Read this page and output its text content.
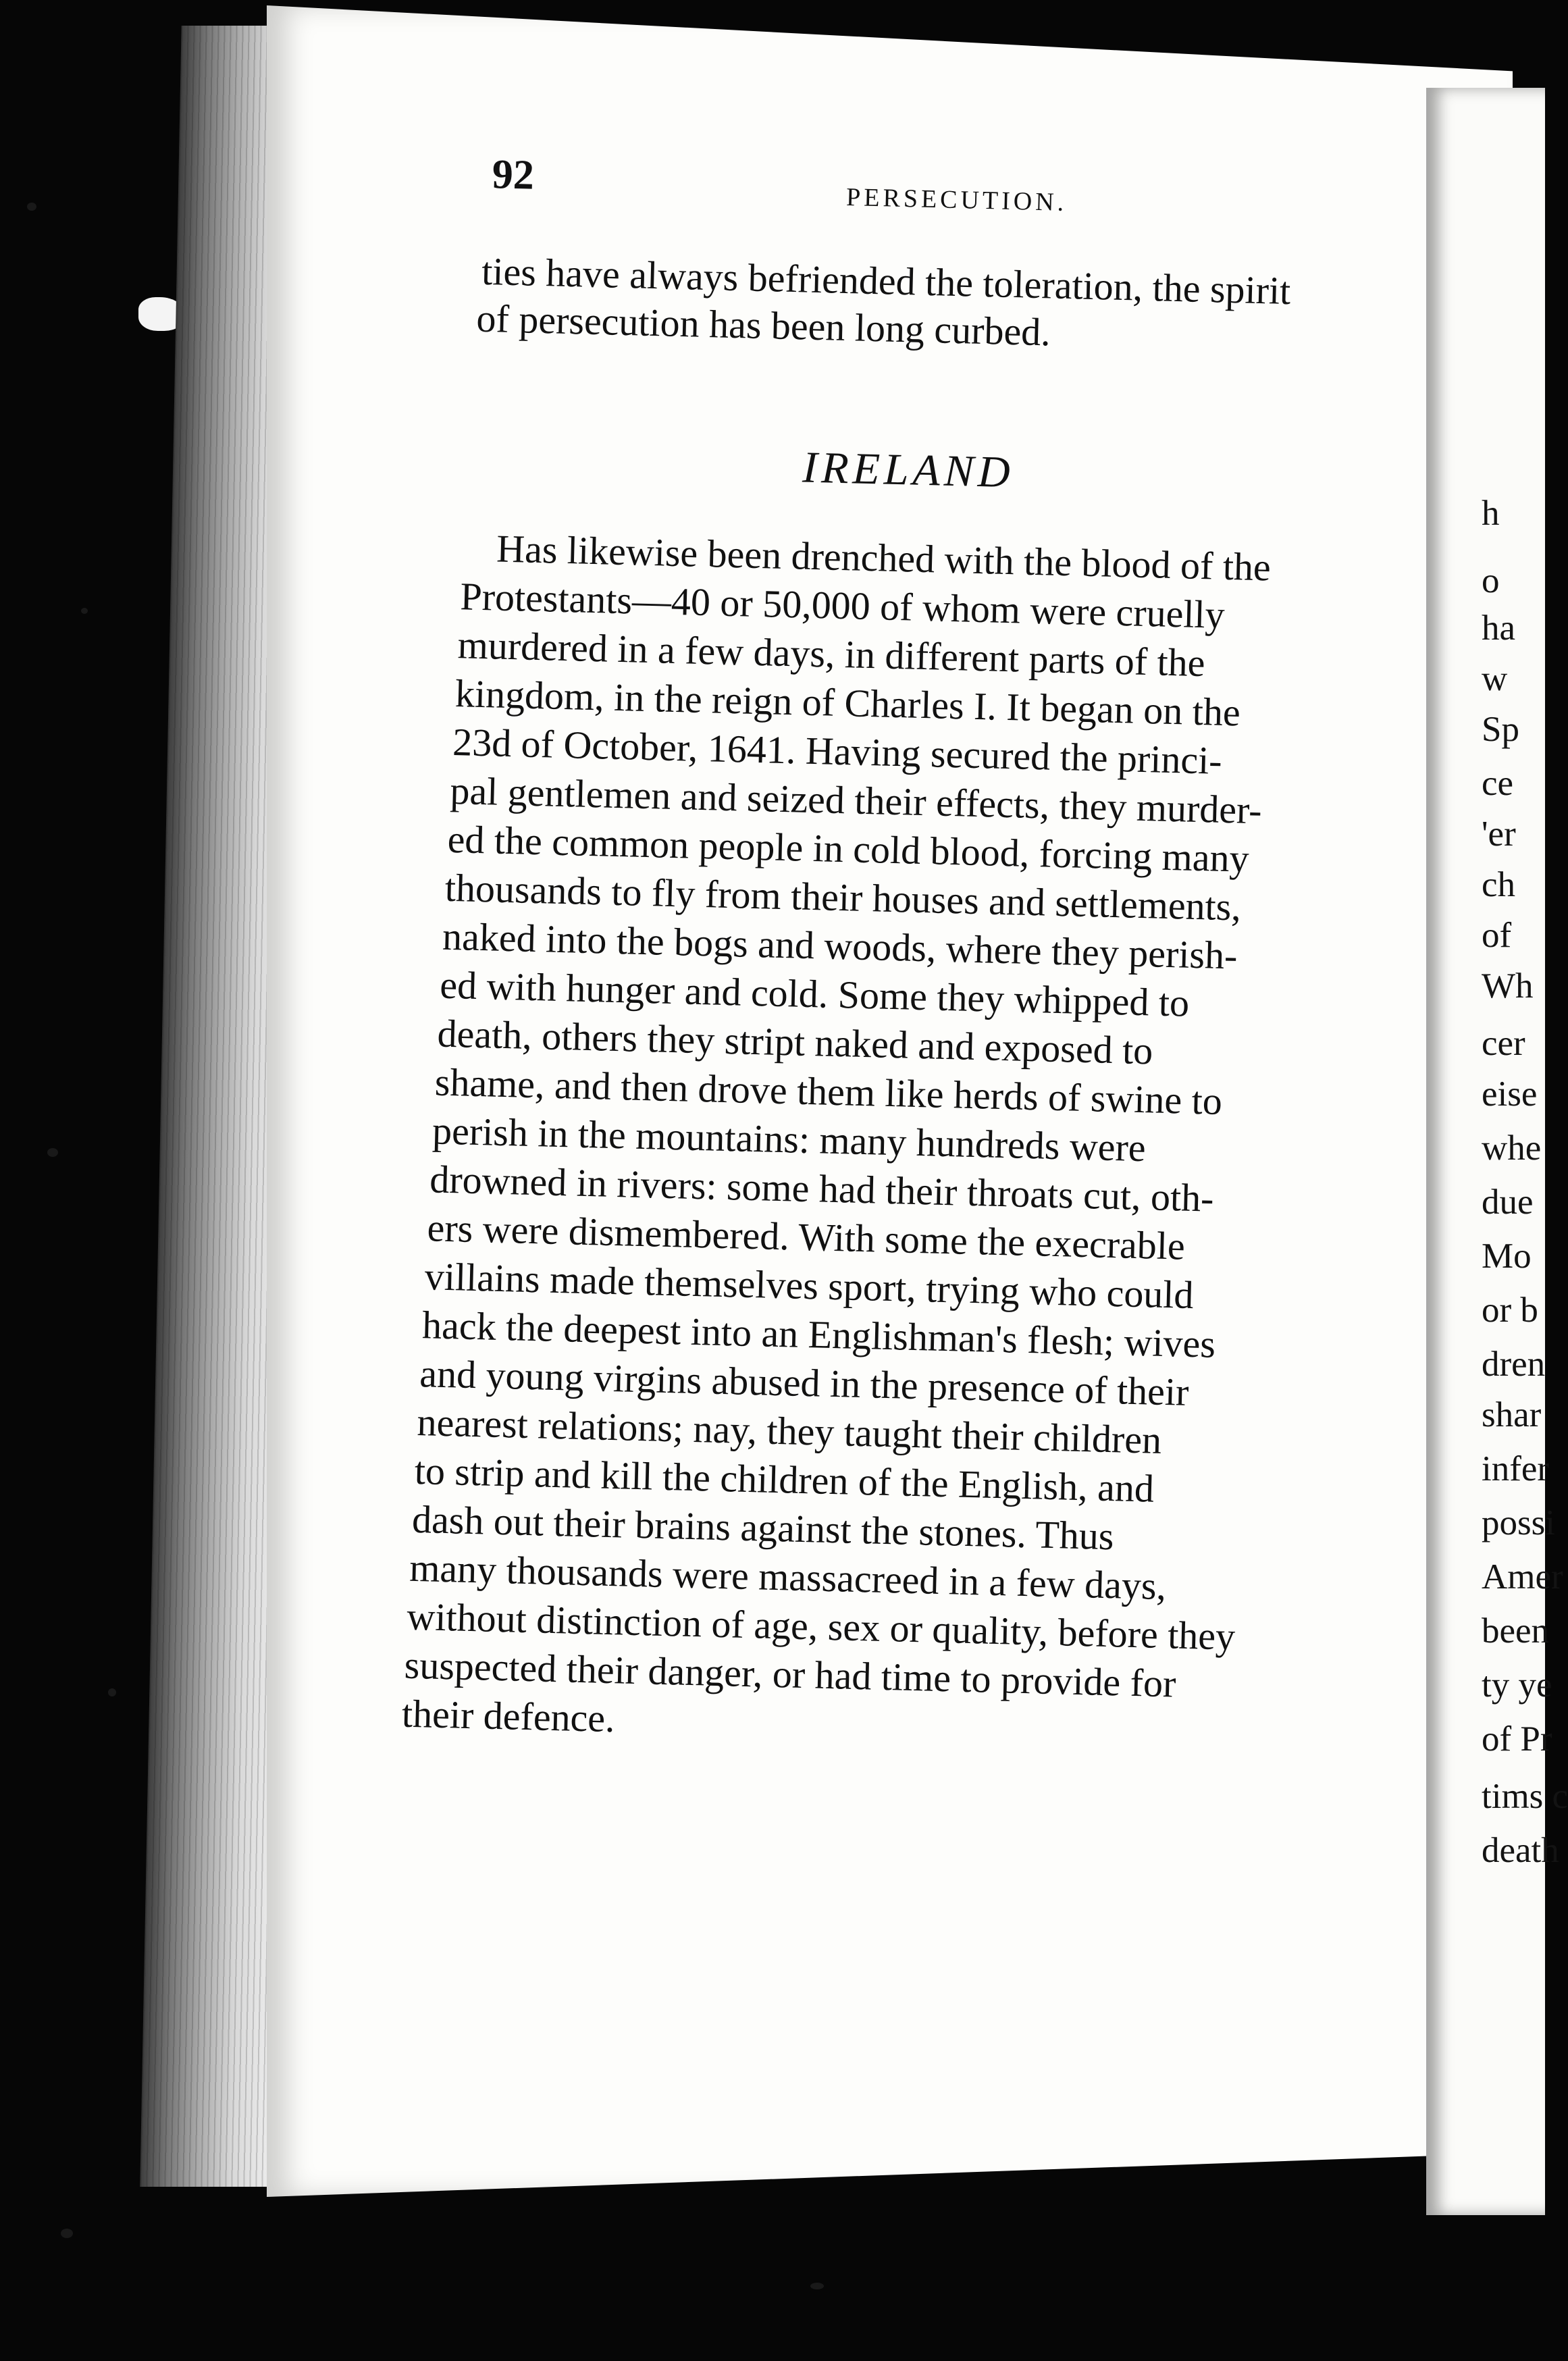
h
o
ha
w
Sp
ce
'er
ch
of
Wh
cer
eise
whe
due
Mo
or b
dren
shar
infer
possi
Amer
been
ty ye
of Pr
tims c
death
92
PERSECUTION.
ties have always befriended the toleration, the spirit
of persecution has been long curbed.
IRELAND
Has likewise been drenched with the blood of the
Protestants—40 or 50,000 of whom were cruelly
murdered in a few days, in different parts of the
kingdom, in the reign of Charles I. It began on the
23d of October, 1641. Having secured the princi-
pal gentlemen and seized their effects, they murder-
ed the common people in cold blood, forcing many
thousands to fly from their houses and settlements,
naked into the bogs and woods, where they perish-
ed with hunger and cold. Some they whipped to
death, others they stript naked and exposed to
shame, and then drove them like herds of swine to
perish in the mountains: many hundreds were
drowned in rivers: some had their throats cut, oth-
ers were dismembered. With some the execrable
villains made themselves sport, trying who could
hack the deepest into an Englishman's flesh; wives
and young virgins abused in the presence of their
nearest relations; nay, they taught their children
to strip and kill the children of the English, and
dash out their brains against the stones. Thus
many thousands were massacreed in a few days,
without distinction of age, sex or quality, before they
suspected their danger, or had time to provide for
their defence.
